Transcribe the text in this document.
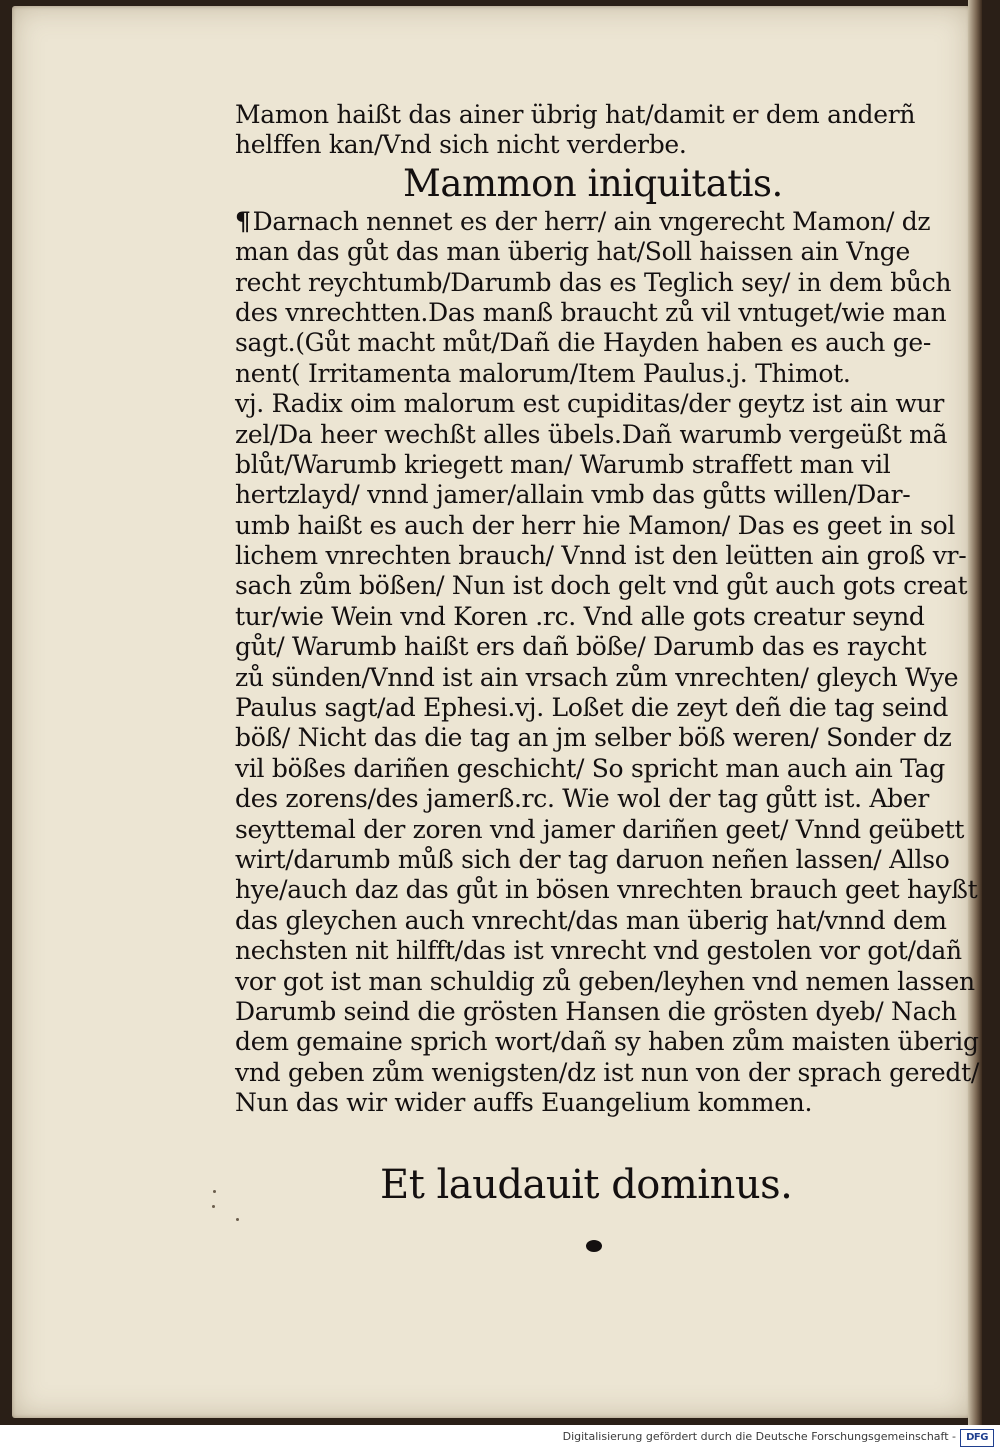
Mamon haißt das ainer übrig hat/damit er dem anderñ
helffen kan/Vnd sich nicht verderbe.
Mammon iniquitatis.
¶Darnach nennet es der herr/ ain vngerecht Mamon/ dz
man das gůt das man überig hat/Soll haissen ain Vnge
recht reychtumb/Darumb das es Teglich sey/ in dem bůch
des vnrechtten.Das manß braucht zů vil vntuget/wie man
sagt.(Gůt macht můt/Dañ die Hayden haben es auch ge-
nent( Irritamenta malorum/Item Paulus.j. Thimot.
vj. Radix oim malorum est cupiditas/der geytz ist ain wur
zel/Da heer wechßt alles übels.Dañ warumb vergeüßt mã
blůt/Warumb kriegett man/ Warumb straffett man vil
hertzlayd/ vnnd jamer/allain vmb das gůtts willen/Dar-
umb haißt es auch der herr hie Mamon/ Das es geet in sol
lichem vnrechten brauch/ Vnnd ist den leütten ain groß vr-
sach zům bößen/ Nun ist doch gelt vnd gůt auch gots creat
tur/wie Wein vnd Koren .rc. Vnd alle gots creatur seynd
gůt/ Warumb haißt ers dañ böße/ Darumb das es raycht
zů sünden/Vnnd ist ain vrsach zům vnrechten/ gleych Wye
Paulus sagt/ad Ephesi.vj. Loßet die zeyt deñ die tag seind
böß/ Nicht das die tag an jm selber böß weren/ Sonder dz
vil bößes dariñen geschicht/ So spricht man auch ain Tag
des zorens/des jamerß.rc. Wie wol der tag gůtt ist. Aber
seyttemal der zoren vnd jamer dariñen geet/ Vnnd geübett
wirt/darumb můß sich der tag daruon neñen lassen/ Allso
hye/auch daz das gůt in bösen vnrechten brauch geet hayßt
das gleychen auch vnrecht/das man überig hat/vnnd dem
nechsten nit hilfft/das ist vnrecht vnd gestolen vor got/dañ
vor got ist man schuldig zů geben/leyhen vnd nemen lassen
Darumb seind die grösten Hansen die grösten dyeb/ Nach
dem gemaine sprich wort/dañ sy haben zům maisten überig
vnd geben zům wenigsten/dz ist nun von der sprach geredt/
Nun das wir wider auffs Euangelium kommen.
Et laudauit dominus.
Digitalisierung gefördert durch die Deutsche Forschungsgemeinschaft -	DFG
